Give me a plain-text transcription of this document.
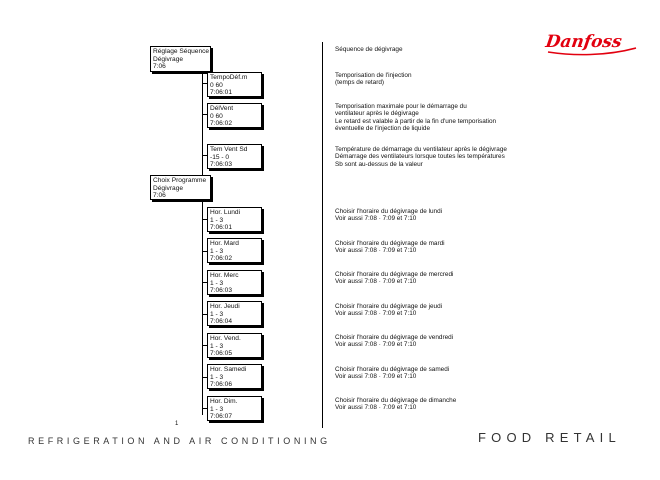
Danfoss
Réglage Séquence
Dégivrage
7:06
TempoDéf.m
0 60
7:06:01
DélVent
0 60
7:06:02
Tem Vent Sd
-15 - 0
7:06:03
Choix Programme
Dégivrage
7:06
Hor. Lundi
1 - 3
7:06:01
Hor. Mard
1 - 3
7:06:02
Hor. Merc
1 - 3
7:06:03
Hor. Jeudi
1 - 3
7:06:04
Hor. Vend.
1 - 3
7:06:05
Hor. Samedi
1 - 3
7:06:06
Hor. Dim.
1 - 3
7:06:07
Séquence de dégivrage
Temporisation de l'injection
(temps de retard)
Temporisation maximale pour le démarrage du
ventilateur après le dégivrage
Le retard est valable à partir de la fin d'une temporisation
éventuelle de l'injection de liquide
Température de démarrage du ventilateur après le dégivrage
Démarrage des ventilateurs lorsque toutes les températures
Sb sont au-dessus de la valeur
Choisir l'horaire du dégivrage de lundi
Voir aussi 7:08 · 7:09 et 7:10
Choisir l'horaire du dégivrage de mardi
Voir aussi 7:08 · 7:09 et 7:10
Choisir l'horaire du dégivrage de mercredi
Voir aussi 7:08 · 7:09 et 7:10
Choisir l'horaire du dégivrage de jeudi
Voir aussi 7:08 · 7:09 et 7:10
Choisir l'horaire du dégivrage de vendredi
Voir aussi 7:08 · 7:09 et 7:10
Choisir l'horaire du dégivrage de samedi
Voir aussi 7:08 · 7:09 et 7:10
Choisir l'horaire du dégivrage de dimanche
Voir aussi 7:08 · 7:09 et 7:10
1
REFRIGERATION AND AIR CONDITIONING	FOOD RETAIL
